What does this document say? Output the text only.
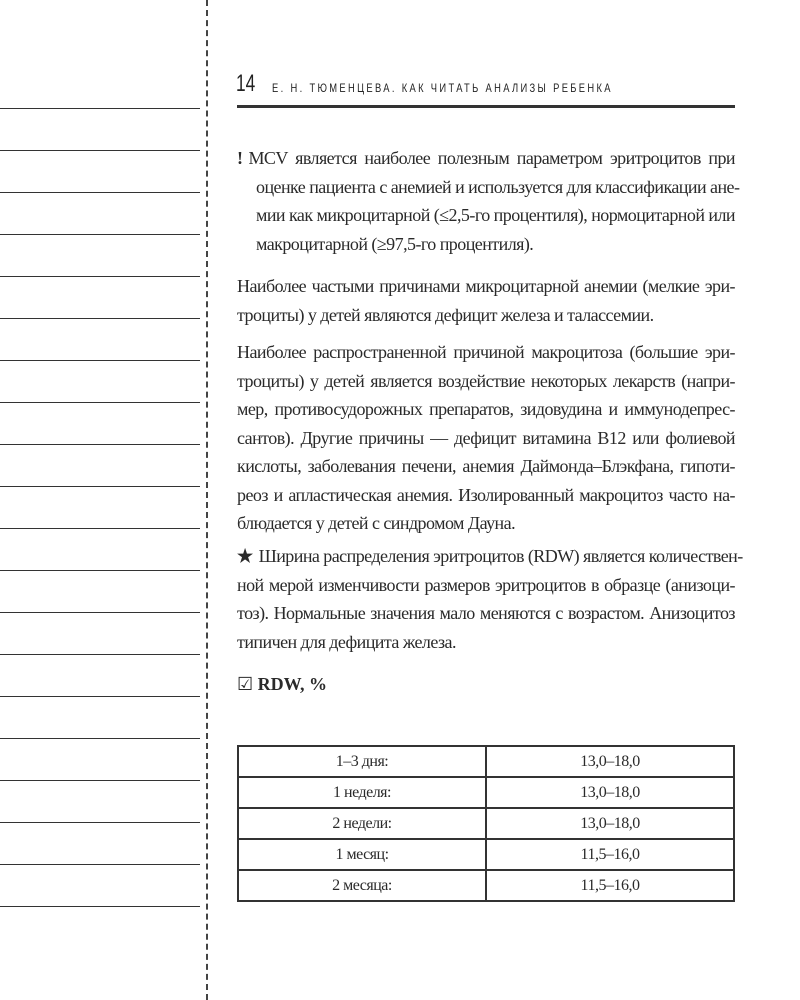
14 Е. Н. ТЮМЕНЦЕВА. КАК ЧИТАТЬ АНАЛИЗЫ РЕБЕНКА
! MCV является наиболее полезным параметром эритроцитов при
оценке пациента с анемией и используется для классификации ане-
мии как микроцитарной (≤2,5-го процентиля), нормоцитарной или
макроцитарной (≥97,5-го процентиля).
Наиболее частыми причинами микроцитарной анемии (мелкие эри-
троциты) у детей являются дефицит железа и талассемии.
Наиболее распространенной причиной макроцитоза (большие эри-
троциты) у детей является воздействие некоторых лекарств (напри-
мер, противосудорожных препаратов, зидовудина и иммунодепрес-
сантов). Другие причины — дефицит витамина B12 или фолиевой
кислоты, заболевания печени, анемия Даймонда–Блэкфана, гипоти-
реоз и апластическая анемия. Изолированный макроцитоз часто на-
блюдается у детей с синдромом Дауна.
★ Ширина распределения эритроцитов (RDW) является количествен-
ной мерой изменчивости размеров эритроцитов в образце (анизоци-
тоз). Нормальные значения мало меняются с возрастом. Анизоцитоз
типичен для дефицита железа.
☑ RDW, %
1–3 дня:	13,0–18,0
1 неделя:	13,0–18,0
2 недели:	13,0–18,0
1 месяц:	11,5–16,0
2 месяца:	11,5–16,0
